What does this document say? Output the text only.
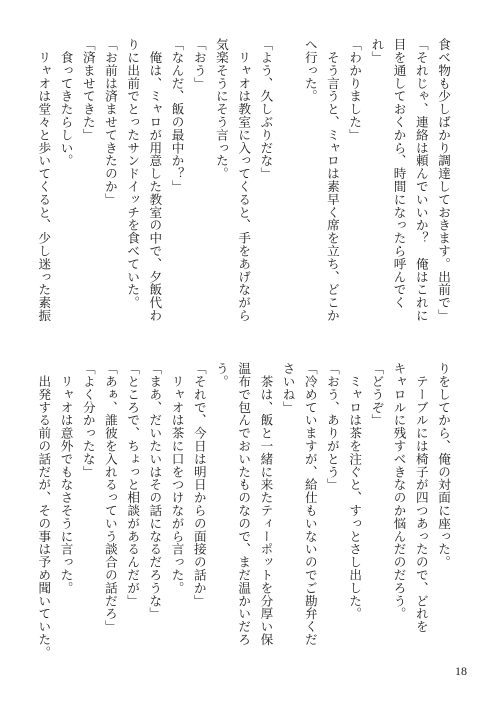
食べ物も少しばかり調達しておきます。出前で」

「それじゃ、連絡は頼んでいいか？　俺はこれに

目を通しておくから、時間になったら呼んでく

れ」

「わかりました」

　そう言うと、ミャロは素早く席を立ち、どこか

へ行った。

「よう、久しぶりだな」

　リャオは教室に入ってくると、手をあげながら

気楽そうにそう言った。

「おう」

「なんだ、飯の最中か？」

　俺は、ミャロが用意した教室の中で、夕飯代わ

りに出前でとったサンドイッチを食べていた。

「お前は済ませてきたのか」

「済ませてきた」

　食ってきたらしい。

　リャオは堂々と歩いてくると、少し迷った素振

りをしてから、俺の対面に座った。

　テーブルには椅子が四つあったので、どれを

キャロルに残すべきなのか悩んだのだろう。

「どうぞ」

　ミャロは茶を注ぐと、すっとさし出した。

「おう、ありがとう」

「冷めていますが、給仕もいないのでご勘弁くだ

さいね」

　茶は、飯と一緒に来たティーポットを分厚い保

温布で包んでおいたものなので、まだ温かいだろ

う。

「それで、今日は明日からの面接の話か」

　リャオは茶に口をつけながら言った。

「まあ、だいたいはその話になるだろうな」

「ところで、ちょっと相談があるんだが」

「あぁ、誰彼を入れるっていう談合の話だろ」

「よく分かったな」

　リャオは意外でもなさそうに言った。

　出発する前の話だが、その事は予め聞いていた。

18
